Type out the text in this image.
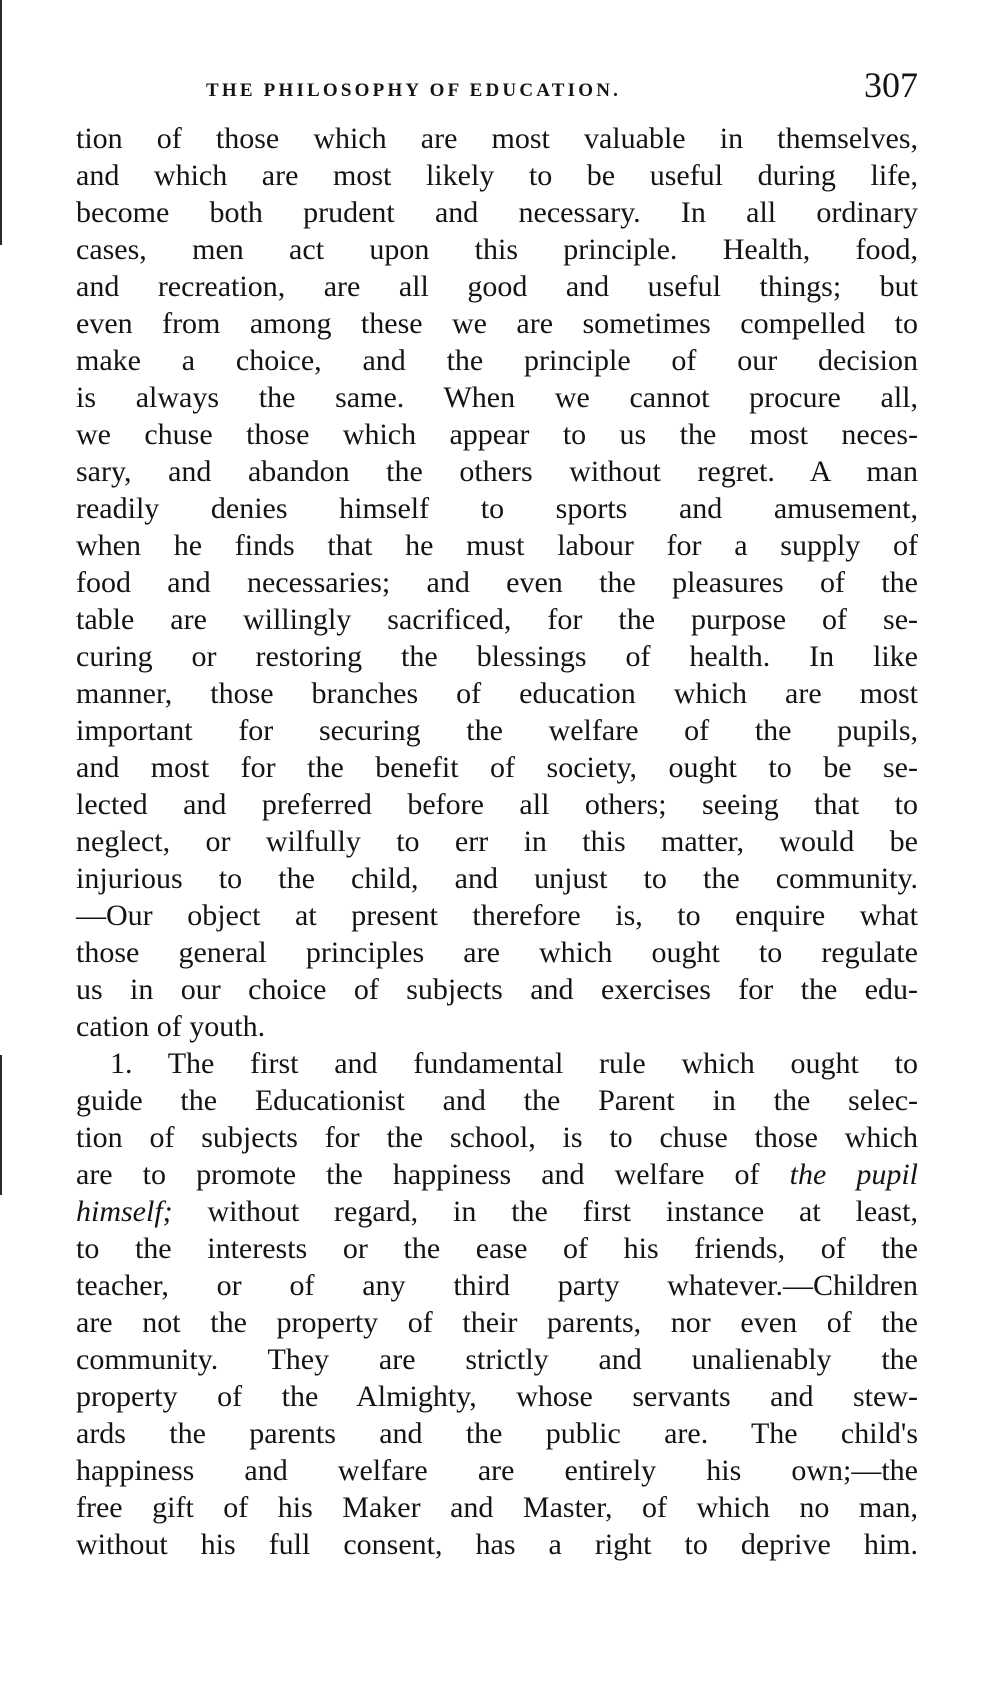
THE PHILOSOPHY OF EDUCATION.	307
tion of those which are most valuable in themselves,
and which are most likely to be useful during life,
become both prudent and necessary. In all ordinary
cases, men act upon this principle. Health, food,
and recreation, are all good and useful things; but
even from among these we are sometimes compelled to
make a choice, and the principle of our decision
is always the same. When we cannot procure all,
we chuse those which appear to us the most neces-
sary, and abandon the others without regret. A man
readily denies himself to sports and amusement,
when he finds that he must labour for a supply of
food and necessaries; and even the pleasures of the
table are willingly sacrificed, for the purpose of se-
curing or restoring the blessings of health. In like
manner, those branches of education which are most
important for securing the welfare of the pupils,
and most for the benefit of society, ought to be se-
lected and preferred before all others; seeing that to
neglect, or wilfully to err in this matter, would be
injurious to the child, and unjust to the community.
—Our object at present therefore is, to enquire what
those general principles are which ought to regulate
us in our choice of subjects and exercises for the edu-
cation of youth.
1. The first and fundamental rule which ought to
guide the Educationist and the Parent in the selec-
tion of subjects for the school, is to chuse those which
are to promote the happiness and welfare of the pupil
himself; without regard, in the first instance at least,
to the interests or the ease of his friends, of the
teacher, or of any third party whatever.—Children
are not the property of their parents, nor even of the
community. They are strictly and unalienably the
property of the Almighty, whose servants and stew-
ards the parents and the public are. The child's
happiness and welfare are entirely his own;—the
free gift of his Maker and Master, of which no man,
without his full consent, has a right to deprive him.
